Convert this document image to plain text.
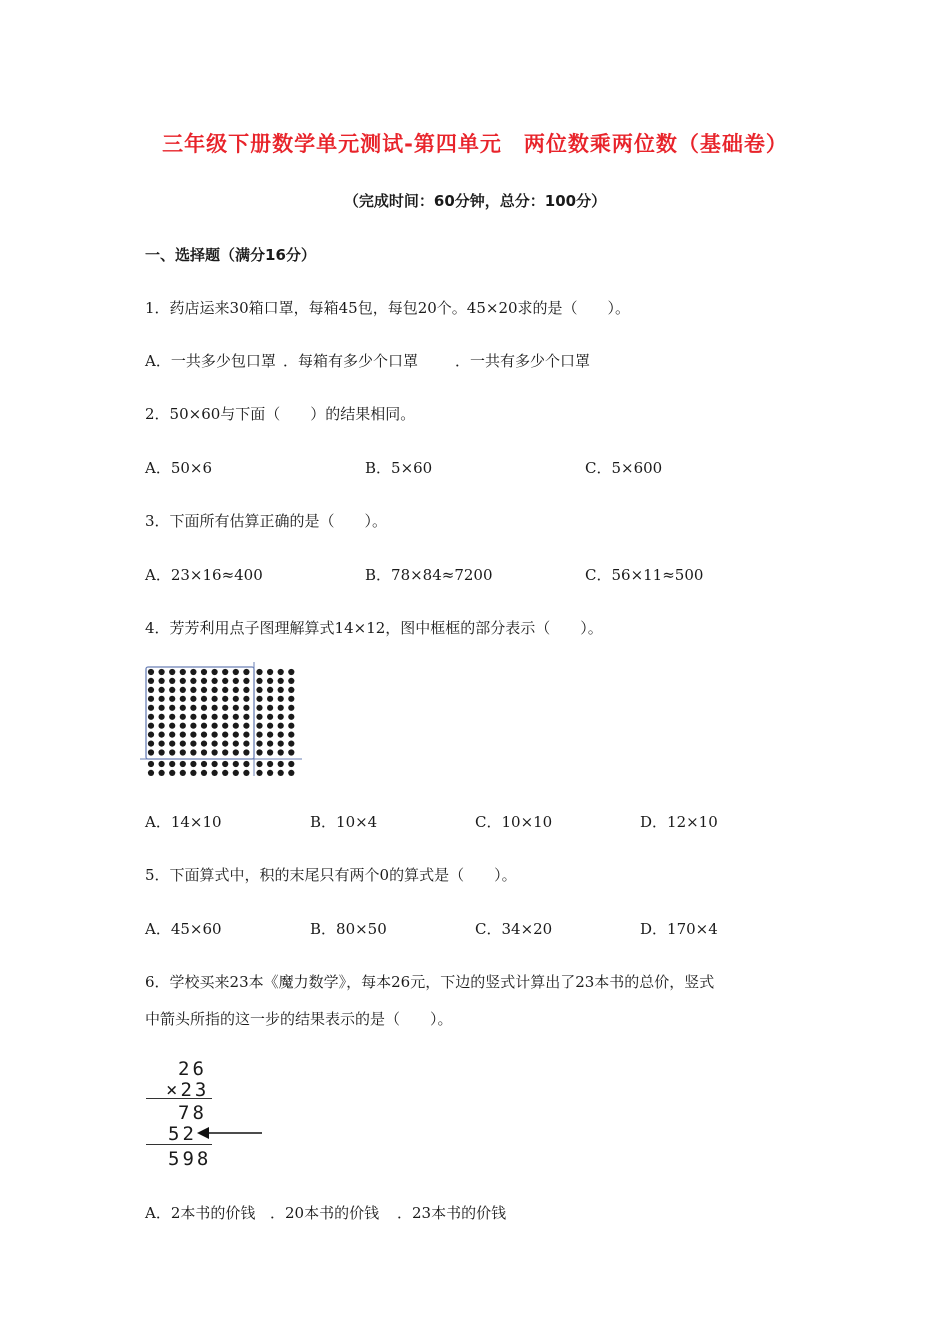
三年级下册数学单元测试-第四单元　两位数乘两位数（基础卷）
（完成时间：60分钟，总分：100分）
一、选择题（满分16分）
1．药店运来30箱口罩，每箱45包，每包20个。45×20求的是（　　）。
A．一共多少包口罩 ．每箱有多少个口罩 ．一共有多少个口罩
2．50×60与下面（　　）的结果相同。
A．50×6	B．5×60	C．5×600
3．下面所有估算正确的是（　　）。
A．23×16≈400	B．78×84≈7200	C．56×11≈500
4．芳芳利用点子图理解算式14×12，图中框框的部分表示（　　）。
A．14×10	B．10×4	C．10×10	D．12×10
5．下面算式中，积的末尾只有两个0的算式是（　　）。
A．45×60	B．80×50	C．34×20	D．170×4
6．学校买来23本《魔力数学》，每本26元，下边的竖式计算出了23本书的总价，竖式
中箭头所指的这一步的结果表示的是（　　）。
26
×23
78
52
598
A．2本书的价钱 ．20本书的价钱 ．23本书的价钱
